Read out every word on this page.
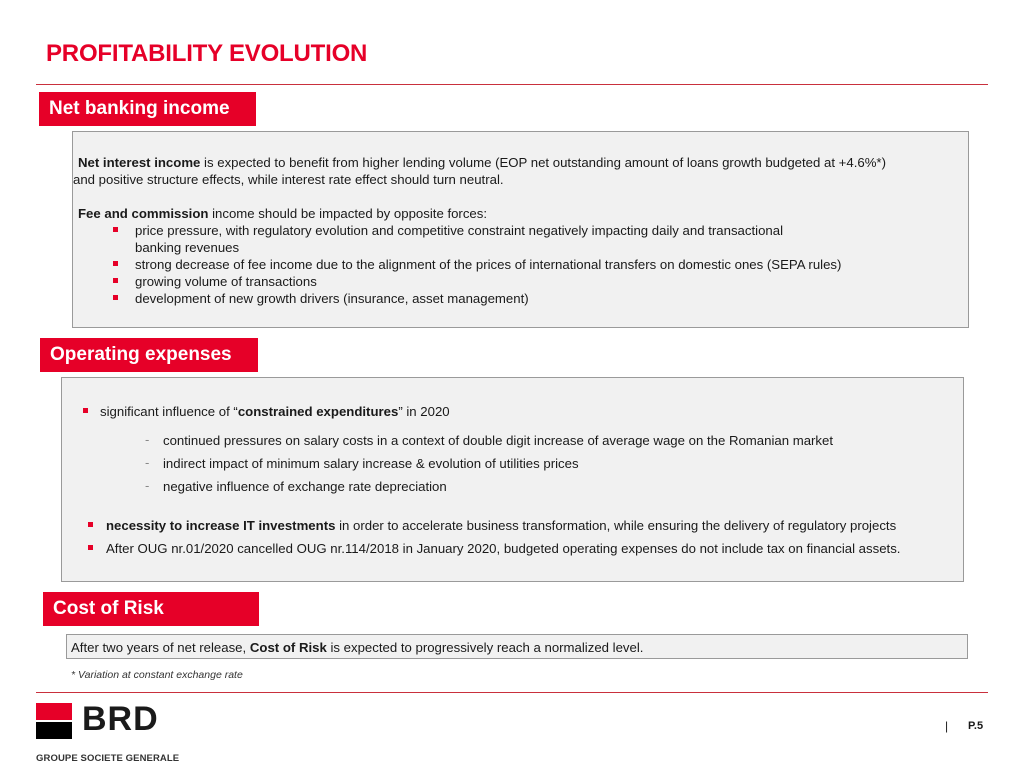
PROFITABILITY EVOLUTION
Net banking income
Net interest income is expected to benefit from higher lending volume (EOP net outstanding amount of loans growth budgeted at +4.6%*)
and positive structure effects, while interest rate effect should turn neutral.
Fee and commission income should be impacted by opposite forces:
price pressure, with regulatory evolution and competitive constraint negatively impacting daily and transactional
banking revenues
strong decrease of fee income due to the alignment of the prices of international transfers on domestic ones (SEPA rules)
growing volume of transactions
development of new growth drivers (insurance, asset management)
Operating expenses
significant influence of “constrained expenditures” in 2020
- continued pressures on salary costs in a context of double digit increase of average wage on the Romanian market
- indirect impact of minimum salary increase & evolution of utilities prices
- negative influence of exchange rate depreciation
necessity to increase IT investments in order to accelerate business transformation, while ensuring the delivery of regulatory projects
After OUG nr.01/2020 cancelled OUG nr.114/2018 in January 2020, budgeted operating expenses do not include tax on financial assets.
Cost of Risk
After two years of net release, Cost of Risk is expected to progressively reach a normalized level.
* Variation at constant exchange rate
BRD
GROUPE SOCIETE GENERALE
| P.5
